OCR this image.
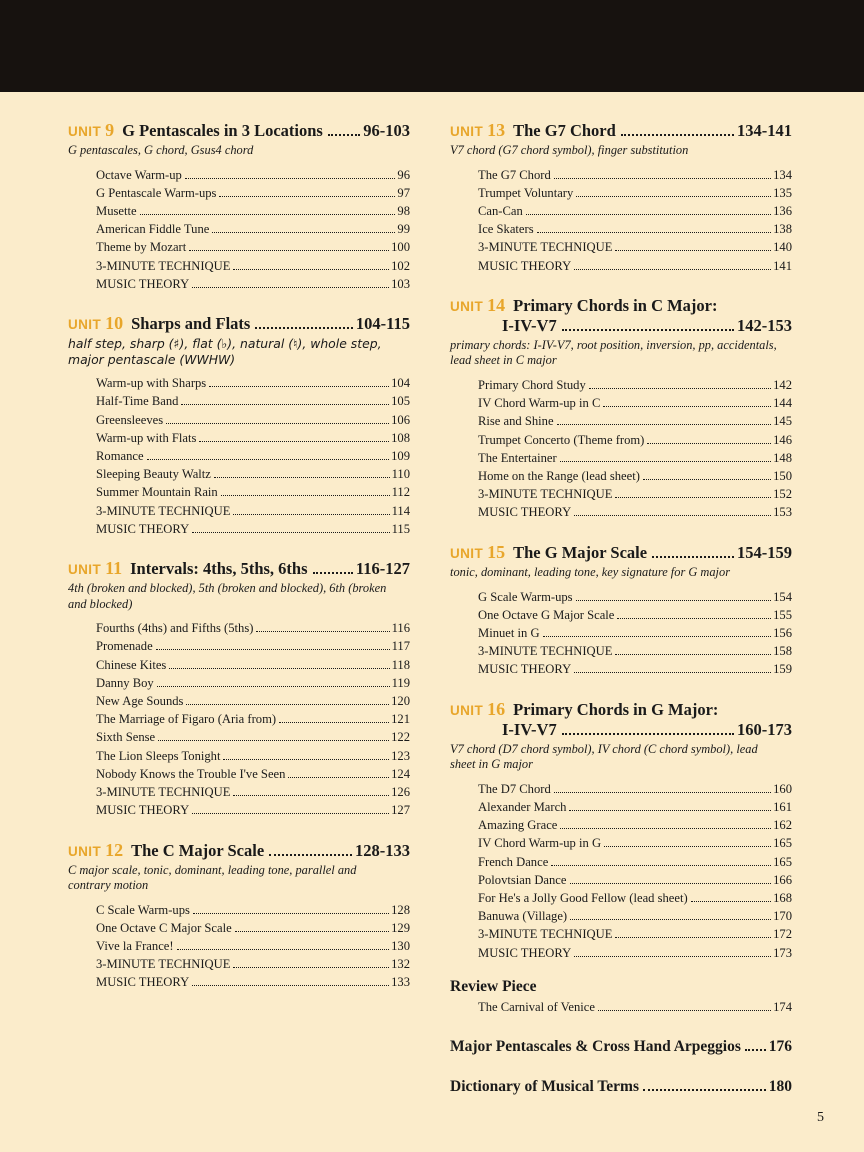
UNIT 9 G Pentascales in 3 Locations 96-103
G pentascales, G chord, Gsus4 chord
Octave Warm-up	96
G Pentascale Warm-ups	97
Musette	98
American Fiddle Tune	99
Theme by Mozart	100
3-MINUTE TECHNIQUE	102
MUSIC THEORY	103
UNIT 10 Sharps and Flats	104-115
half step, sharp (♯), flat (♭), natural (♮), whole step, major pentascale (WWHW)
Warm-up with Sharps	104
Half-Time Band	105
Greensleeves	106
Warm-up with Flats	108
Romance	109
Sleeping Beauty Waltz	110
Summer Mountain Rain	112
3-MINUTE TECHNIQUE	114
MUSIC THEORY	115
UNIT 11 Intervals: 4ths, 5ths, 6ths	116-127
4th (broken and blocked), 5th (broken and blocked), 6th (broken and blocked)
Fourths (4ths) and Fifths (5ths)	116
Promenade	117
Chinese Kites	118
Danny Boy	119
New Age Sounds	120
The Marriage of Figaro (Aria from)	121
Sixth Sense	122
The Lion Sleeps Tonight	123
Nobody Knows the Trouble I've Seen	124
3-MINUTE TECHNIQUE	126
MUSIC THEORY	127
UNIT 12 The C Major Scale	128-133
C major scale, tonic, dominant, leading tone, parallel and contrary motion
C Scale Warm-ups	128
One Octave C Major Scale	129
Vive la France!	130
3-MINUTE TECHNIQUE	132
MUSIC THEORY	133
UNIT 13 The G7 Chord	134-141
V7 chord (G7 chord symbol), finger substitution
The G7 Chord	134
Trumpet Voluntary	135
Can-Can	136
Ice Skaters	138
3-MINUTE TECHNIQUE	140
MUSIC THEORY	141
UNIT 14 Primary Chords in C Major:
I-IV-V7	142-153
primary chords: I-IV-V7, root position, inversion, pp, accidentals, lead sheet in C major
Primary Chord Study	142
IV Chord Warm-up in C	144
Rise and Shine	145
Trumpet Concerto (Theme from)	146
The Entertainer	148
Home on the Range (lead sheet)	150
3-MINUTE TECHNIQUE	152
MUSIC THEORY	153
UNIT 15 The G Major Scale	154-159
tonic, dominant, leading tone, key signature for G major
G Scale Warm-ups	154
One Octave G Major Scale	155
Minuet in G	156
3-MINUTE TECHNIQUE	158
MUSIC THEORY	159
UNIT 16 Primary Chords in G Major:
I-IV-V7	160-173
V7 chord (D7 chord symbol), IV chord (C chord symbol), lead sheet in G major
The D7 Chord	160
Alexander March	161
Amazing Grace	162
IV Chord Warm-up in G	165
French Dance	165
Polovtsian Dance	166
For He's a Jolly Good Fellow (lead sheet)	168
Banuwa (Village)	170
3-MINUTE TECHNIQUE	172
MUSIC THEORY	173
Review Piece
The Carnival of Venice	174
Major Pentascales & Cross Hand Arpeggios 176
Dictionary of Musical Terms	180
5
